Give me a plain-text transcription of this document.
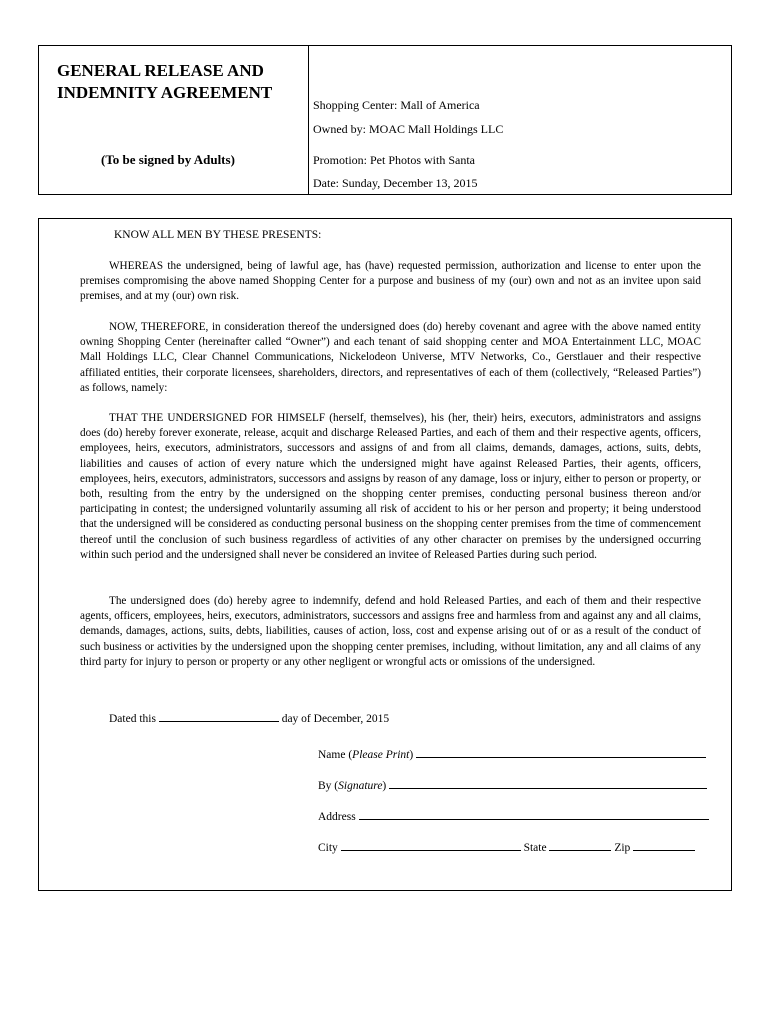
GENERAL RELEASE AND
INDEMNITY AGREEMENT
(To be signed by Adults)
Shopping Center: Mall of America
Owned by: MOAC Mall Holdings LLC
Promotion: Pet Photos with Santa
Date: Sunday, December 13, 2015
KNOW ALL MEN BY THESE PRESENTS:

WHEREAS the undersigned, being of lawful age, has (have) requested permission, authorization and license to enter upon the premises compromising the above named Shopping Center for a purpose and business of my (our) own and not as an invitee upon said premises, and at my (our) own risk.

NOW, THEREFORE, in consideration thereof the undersigned does (do) hereby covenant and agree with the above named entity owning Shopping Center (hereinafter called “Owner”) and each tenant of said shopping center and MOA Entertainment LLC, MOAC Mall Holdings LLC, Clear Channel Communications, Nickelodeon Universe, MTV Networks, Co., Gerstlauer and their respective affiliated entities, their corporate licensees, shareholders, directors, and representatives of each of them (collectively, “Released Parties”) as follows, namely:

THAT THE UNDERSIGNED FOR HIMSELF (herself, themselves), his (her, their) heirs, executors, administrators and assigns does (do) hereby forever exonerate, release, acquit and discharge Released Parties, and each of them and their respective agents, officers, employees, heirs, executors, administrators, successors and assigns of and from all claims, demands, damages, actions, suits, debts, liabilities and causes of action of every nature which the undersigned might have against Released Parties, their agents, officers, employees, heirs, executors, administrators, successors and assigns by reason of any damage, loss or injury, either to person or property, or both, resulting from the entry by the undersigned on the shopping center premises, conducting personal business thereon and/or participating in contest; the undersigned voluntarily assuming all risk of accident to his or her person and property; it being understood that the undersigned will be considered as conducting personal business on the shopping center premises from the time of commencement thereof until the conclusion of such business regardless of activities of any other character on premises by the undersigned occurring within such period and the undersigned shall never be considered an invitee of Released Parties during such period.

The undersigned does (do) hereby agree to indemnify, defend and hold Released Parties, and each of them and their respective agents, officers, employees, heirs, executors, administrators, successors and assigns free and harmless from and against any and all claims, demands, damages, actions, suits, debts, liabilities, causes of action, loss, cost and expense arising out of or as a result of the conduct of such business or activities by the undersigned upon the shopping center premises, including, without limitation, any and all claims of any third party for injury to person or property or any other negligent or wrongful acts or omissions of the undersigned.

Dated this	day of December, 2015
Name (Please Print)
By (Signature)
Address
City	State	Zip
